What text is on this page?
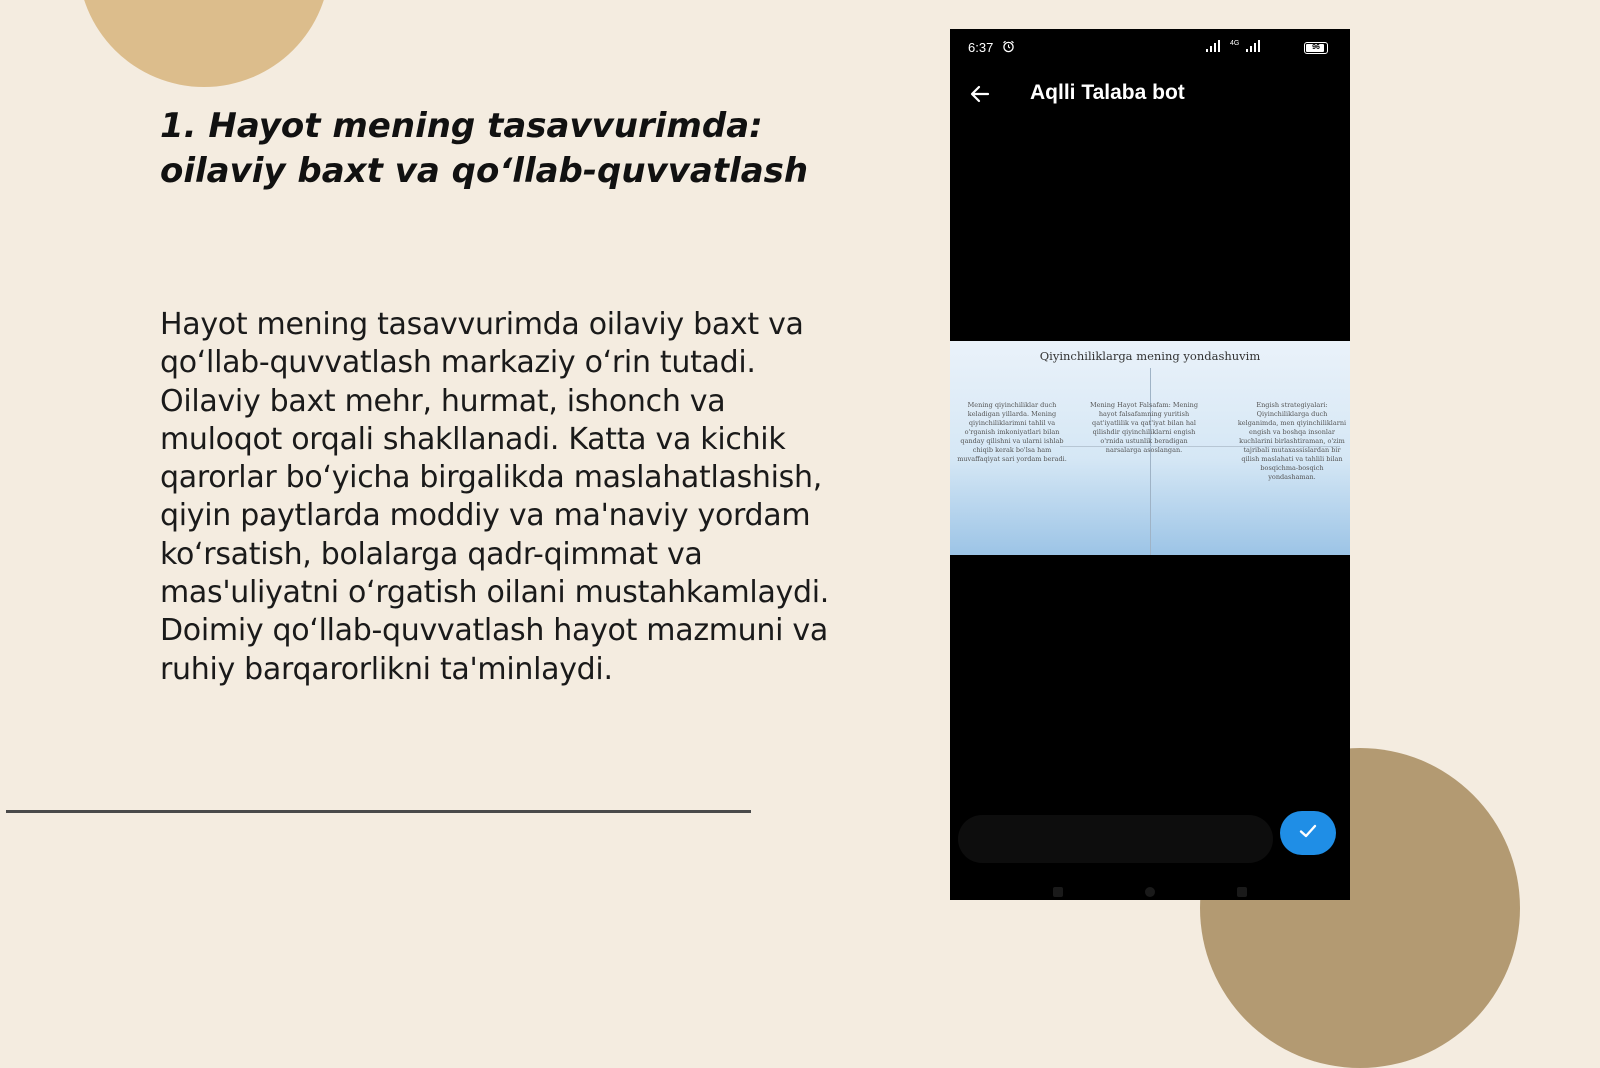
1. Hayot mening tasavvurimda: oilaviy baxt va qo‘llab-quvvatlash

Hayot mening tasavvurimda oilaviy baxt va qo‘llab-quvvatlash markaziy o‘rin tutadi. Oilaviy baxt mehr, hurmat, ishonch va muloqot orqali shakllanadi. Katta va kichik qarorlar bo‘yicha birgalikda maslahatlashish, qiyin paytlarda moddiy va ma'naviy yordam ko‘rsatish, bolalarga qadr-qimmat va mas'uliyatni o‘rgatish oilani mustahkamlaydi. Doimiy qo‘llab-quvvatlash hayot mazmuni va ruhiy barqarorlikni ta'minlaydi.

6:37	4G
96
Aqlli Talaba bot
Qiyinchiliklarga mening yondashuvim
Mening qiyinchiliklar duch keladigan yillarda. Mening qiyinchiliklarimni tahlil va o'rganish imkoniyatlari bilan qanday qilishni va ularni ishlab chiqib kerak bo'lsa ham muvaffaqiyat sari yordam beradi.
Mening Hayot Falsafam: Mening hayot falsafamning yuritish qat'iyatlilik va qat'iyat bilan hal qilishdir qiyinchiliklarni engish o'rnida ustunlik beradigan narsalarga asoslangan.
Engish strategiyalari: Qiyinchiliklarga duch kelganimda, men qiyinchiliklarni engish va boshqa insonlar kuchlarini birlashtiraman, o'zim tajribali mutaxassislardan bir qilish maslahati va tahlili bilan bosqichma-bosqich yondashaman.
